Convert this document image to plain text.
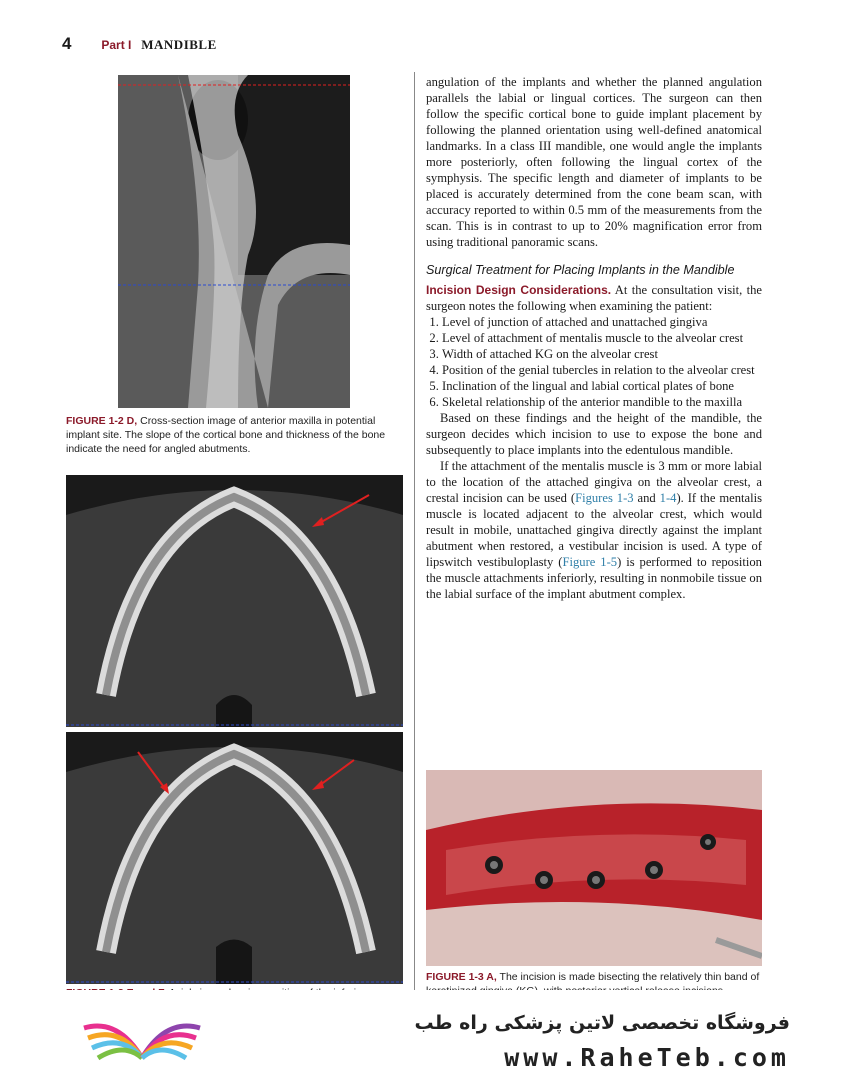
4 Part I MANDIBLE
FIGURE 1-2 D, Cross-section image of anterior maxilla in potential implant site. The slope of the cortical bone and thickness of the bone indicate the need for angled abutments.

angulation of the implants and whether the planned angulation parallels the labial or lingual cortices. The surgeon can then follow the specific cortical bone to guide implant placement by following the planned orientation using well-defined anatomical landmarks. In a class III mandible, one would angle the implants more posteriorly, often following the lingual cortex of the symphysis. The specific length and diameter of implants to be placed is accurately determined from the cone beam scan, with accuracy reported to within 0.5 mm of the measurements from the scan. This is in contrast to up to 20% magnification error from using traditional panoramic scans.

Surgical Treatment for Placing Implants in the Mandible

Incision Design Considerations. At the consultation visit, the surgeon notes the following when examining the patient:

1. Level of junction of attached and unattached gingiva
2. Level of attachment of mentalis muscle to the alveolar crest
3. Width of attached KG on the alveolar crest
4. Position of the genial tubercles in relation to the alveolar crest
5. Inclination of the lingual and labial cortical plates of bone
6. Skeletal relationship of the anterior mandible to the maxilla

Based on these findings and the height of the mandible, the surgeon decides which incision to use to expose the bone and subsequently to place implants into the edentulous mandible.

If the attachment of the mentalis muscle is 3 mm or more labial to the location of the attached gingiva on the alveolar crest, a crestal incision can be used (Figures 1-3 and 1-4). If the mentalis muscle is located adjacent to the alveolar crest, which would result in mobile, unattached gingiva directly against the implant abutment when restored, a vestibular incision is used. A type of lipswitch vestibuloplasty (Figure 1-5) is performed to reposition the muscle attachments inferiorly, resulting in nonmobile tissue on the labial surface of the implant abutment complex.

FIGURE 1-3 A, The incision is made bisecting the relatively thin band of
فروشگاه تخصصی لاتین پزشکی راه طب
www.RaheTeb.com
